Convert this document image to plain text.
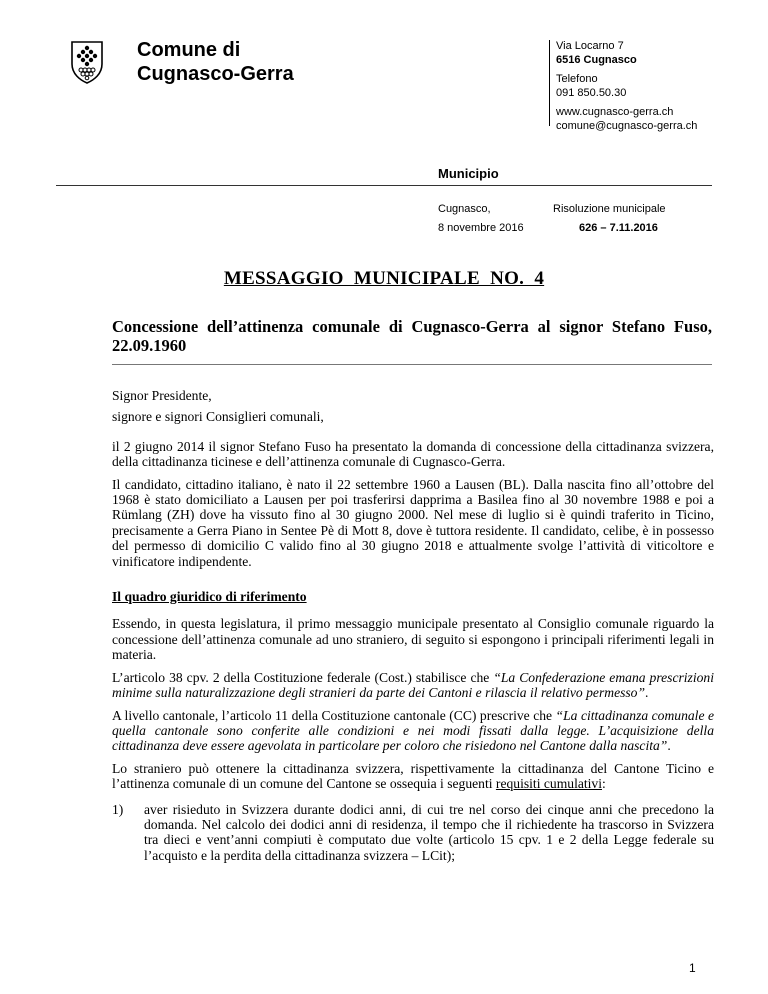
Comune di
Cugnasco-Gerra
Via Locarno 7
6516 Cugnasco
Telefono
091 850.50.30
www.cugnasco-gerra.ch
comune@cugnasco-gerra.ch
Municipio
Cugnasco,
8 novembre 2016
Risoluzione municipale
626 – 7.11.2016
MESSAGGIO  MUNICIPALE  NO.  4
Concessione dell’attinenza comunale di Cugnasco-Gerra al signor Stefano Fuso, 22.09.1960

Signor Presidente,

signore e signori Consiglieri comunali,

il 2 giugno 2014 il signor Stefano Fuso ha presentato la domanda di concessione della cittadinanza svizzera, della cittadinanza ticinese e dell’attinenza comunale di Cugnasco-Gerra.

Il candidato, cittadino italiano, è nato il 22 settembre 1960 a Lausen (BL). Dalla nascita fino all’ottobre del 1968 è stato domiciliato a Lausen per poi trasferirsi dapprima a Basilea fino al 30 novembre 1988 e poi a Rümlang (ZH) dove ha vissuto fino al 30 giugno 2000. Nel mese di luglio si è quindi traferito in Ticino, precisamente a Gerra Piano in Sentee Pè di Mott 8, dove è tuttora residente. Il candidato, celibe, è in possesso del permesso di domicilio C valido fino al 30 giugno 2018 e attualmente svolge l’attività di viticoltore e vinificatore indipendente.

Il quadro giuridico di riferimento

Essendo, in questa legislatura, il primo messaggio municipale presentato al Consiglio comunale riguardo la concessione dell’attinenza comunale ad uno straniero, di seguito si espongono i principali riferimenti legali in materia.

L’articolo 38 cpv. 2 della Costituzione federale (Cost.) stabilisce che “La Confederazione emana prescrizioni minime sulla naturalizzazione degli stranieri da parte dei Cantoni e rilascia il relativo permesso”.

A livello cantonale, l’articolo 11 della Costituzione cantonale (CC) prescrive che “La cittadinanza comunale e quella cantonale sono conferite alle condizioni e nei modi fissati dalla legge. L’acquisizione della cittadinanza deve essere agevolata in particolare per coloro che risiedono nel Cantone dalla nascita”.

Lo straniero può ottenere la cittadinanza svizzera, rispettivamente la cittadinanza del Cantone Ticino e l’attinenza comunale di un comune del Cantone se ossequia i seguenti requisiti cumulativi:

1)	aver risieduto in Svizzera durante dodici anni, di cui tre nel corso dei cinque anni che precedono la domanda. Nel calcolo dei dodici anni di residenza, il tempo che il richiedente ha trascorso in Svizzera tra dieci e vent’anni compiuti è computato due volte (articolo 15 cpv. 1 e 2 della Legge federale su l’acquisto e la perdita della cittadinanza svizzera – LCit);
1
